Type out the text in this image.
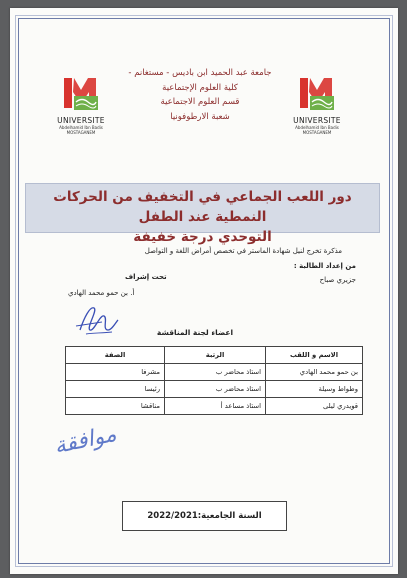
UNIVERSITE
Abdelhamid Ibn Badis
MOSTAGANEM
UNIVERSITE
Abdelhamid Ibn Badis
MOSTAGANEM
جامعة عبد الحميد ابن باديس - مستغانم -
كلية العلوم الإجتماعية
قسم العلوم الاجتماعية
شعبة الارطوفونيا
دور اللعب الجماعي في التخفيف من الحركات النمطية عند الطفل
التوحدي درجة خفيفة
مذكرة تخرج لنيل شهادة الماستر في تخصص أمراض اللغة و التواصل
من إعداد الطالبة :
جزيري صباح
تحت إشراف
أ. بن حمو محمد الهادي
اعضاء لجنة المناقشة
الاسم و اللقب	الرتبة	الصفة
بن حمو محمد الهادي	استاذ محاضر ب	مشرفا
وطواط وسيلة	استاذ محاضر ب	رئيسا
قويدري ليلى	استاذ مساعد أ	مناقشا
موافقة
السنة الجامعية:2022/2021
